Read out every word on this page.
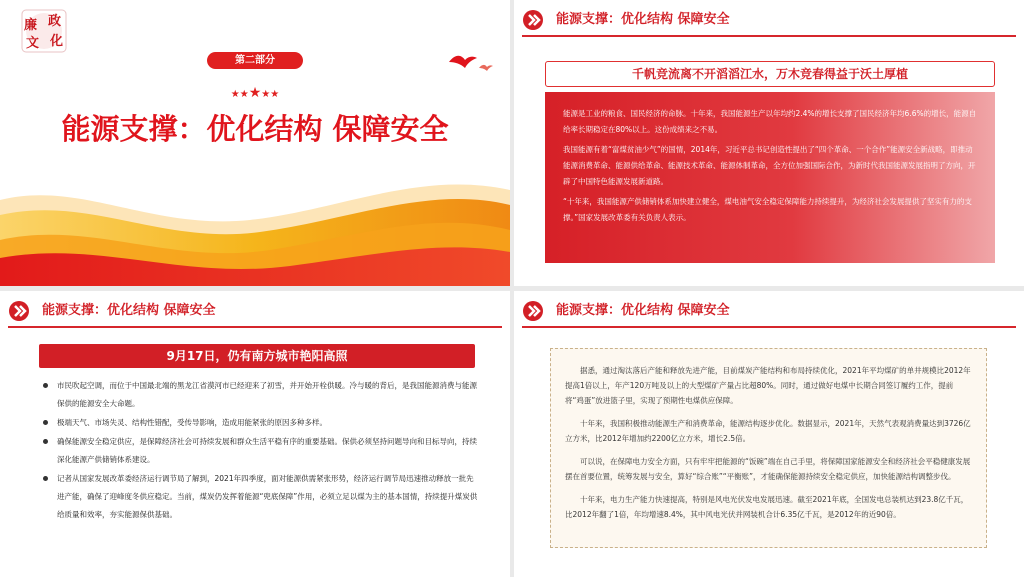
廉 政
文 化
第二部分
★★★★★
能源支撑：优化结构 保障安全
能源支撑：优化结构 保障安全
千帆竞流离不开滔滔江水，万木竞春得益于沃土厚植

能源是工业的粮食、国民经济的命脉。十年来，我国能源生产以年均约2.4%的增长支撑了国民经济年均6.6%的增长，能源自给率长期稳定在80%以上。这份成绩来之不易。

我国能源有着“富煤贫油少气”的国情，2014年，习近平总书记创造性提出了“四个革命、一个合作”能源安全新战略，即推动能源消费革命、能源供给革命、能源技术革命、能源体制革命，全方位加强国际合作，为新时代我国能源发展指明了方向，开辟了中国特色能源发展新道路。

“十年来，我国能源产供储销体系加快建立健全，煤电油气安全稳定保障能力持续提升，为经济社会发展提供了坚实有力的支撑。”国家发展改革委有关负责人表示。

能源支撑：优化结构 保障安全
9月17日，仍有南方城市艳阳高照
市民吹起空调，而位于中国最北端的黑龙江省漠河市已经迎来了初雪，并开始开栓供暖。冷与暖的背后，是我国能源消费与能源保供的能源安全大命题。
极端天气、市场失灵、结构性错配，受传导影响，造成用能紧张的原因多种多样。
确保能源安全稳定供应，是保障经济社会可持续发展和群众生活平稳有序的重要基础。保供必须坚持问题导向和目标导向，持续深化能源产供储销体系建设。
记者从国家发展改革委经济运行调节局了解到，2021年四季度，面对能源供需紧张形势，经济运行调节局迅速推动释放一批先进产能，确保了迎峰度冬供应稳定。当前，煤炭仍发挥着能源“兜底保障”作用，必须立足以煤为主的基本国情，持续提升煤炭供给质量和效率，夯实能源保供基础。
能源支撑：优化结构 保障安全

据悉，通过淘汰落后产能和释放先进产能，目前煤炭产能结构和布局持续优化，2021年平均煤矿的单井规模比2012年提高1倍以上，年产120万吨及以上的大型煤矿产量占比超80%。同时，通过做好电煤中长期合同签订履约工作，提前将“鸡蛋”放进篮子里，实现了预期性电煤供应保障。

十年来，我国积极推动能源生产和消费革命，能源结构逐步优化。数据显示，2021年，天然气表观消费量达到3726亿立方米，比2012年增加约2200亿立方米，增长2.5倍。

可以说，在保障电力安全方面，只有牢牢把能源的“饭碗”端在自己手里，将保障国家能源安全和经济社会平稳健康发展摆在首要位置，统筹发展与安全，算好“综合账”“平衡账”，才能确保能源持续安全稳定供应，加快能源结构调整步伐。

十年来，电力生产能力快速提高，特别是风电光伏发电发展迅速。截至2021年底，全国发电总装机达到23.8亿千瓦，比2012年翻了1倍，年均增速8.4%，其中风电光伏并网装机合计6.35亿千瓦，是2012年的近90倍。
